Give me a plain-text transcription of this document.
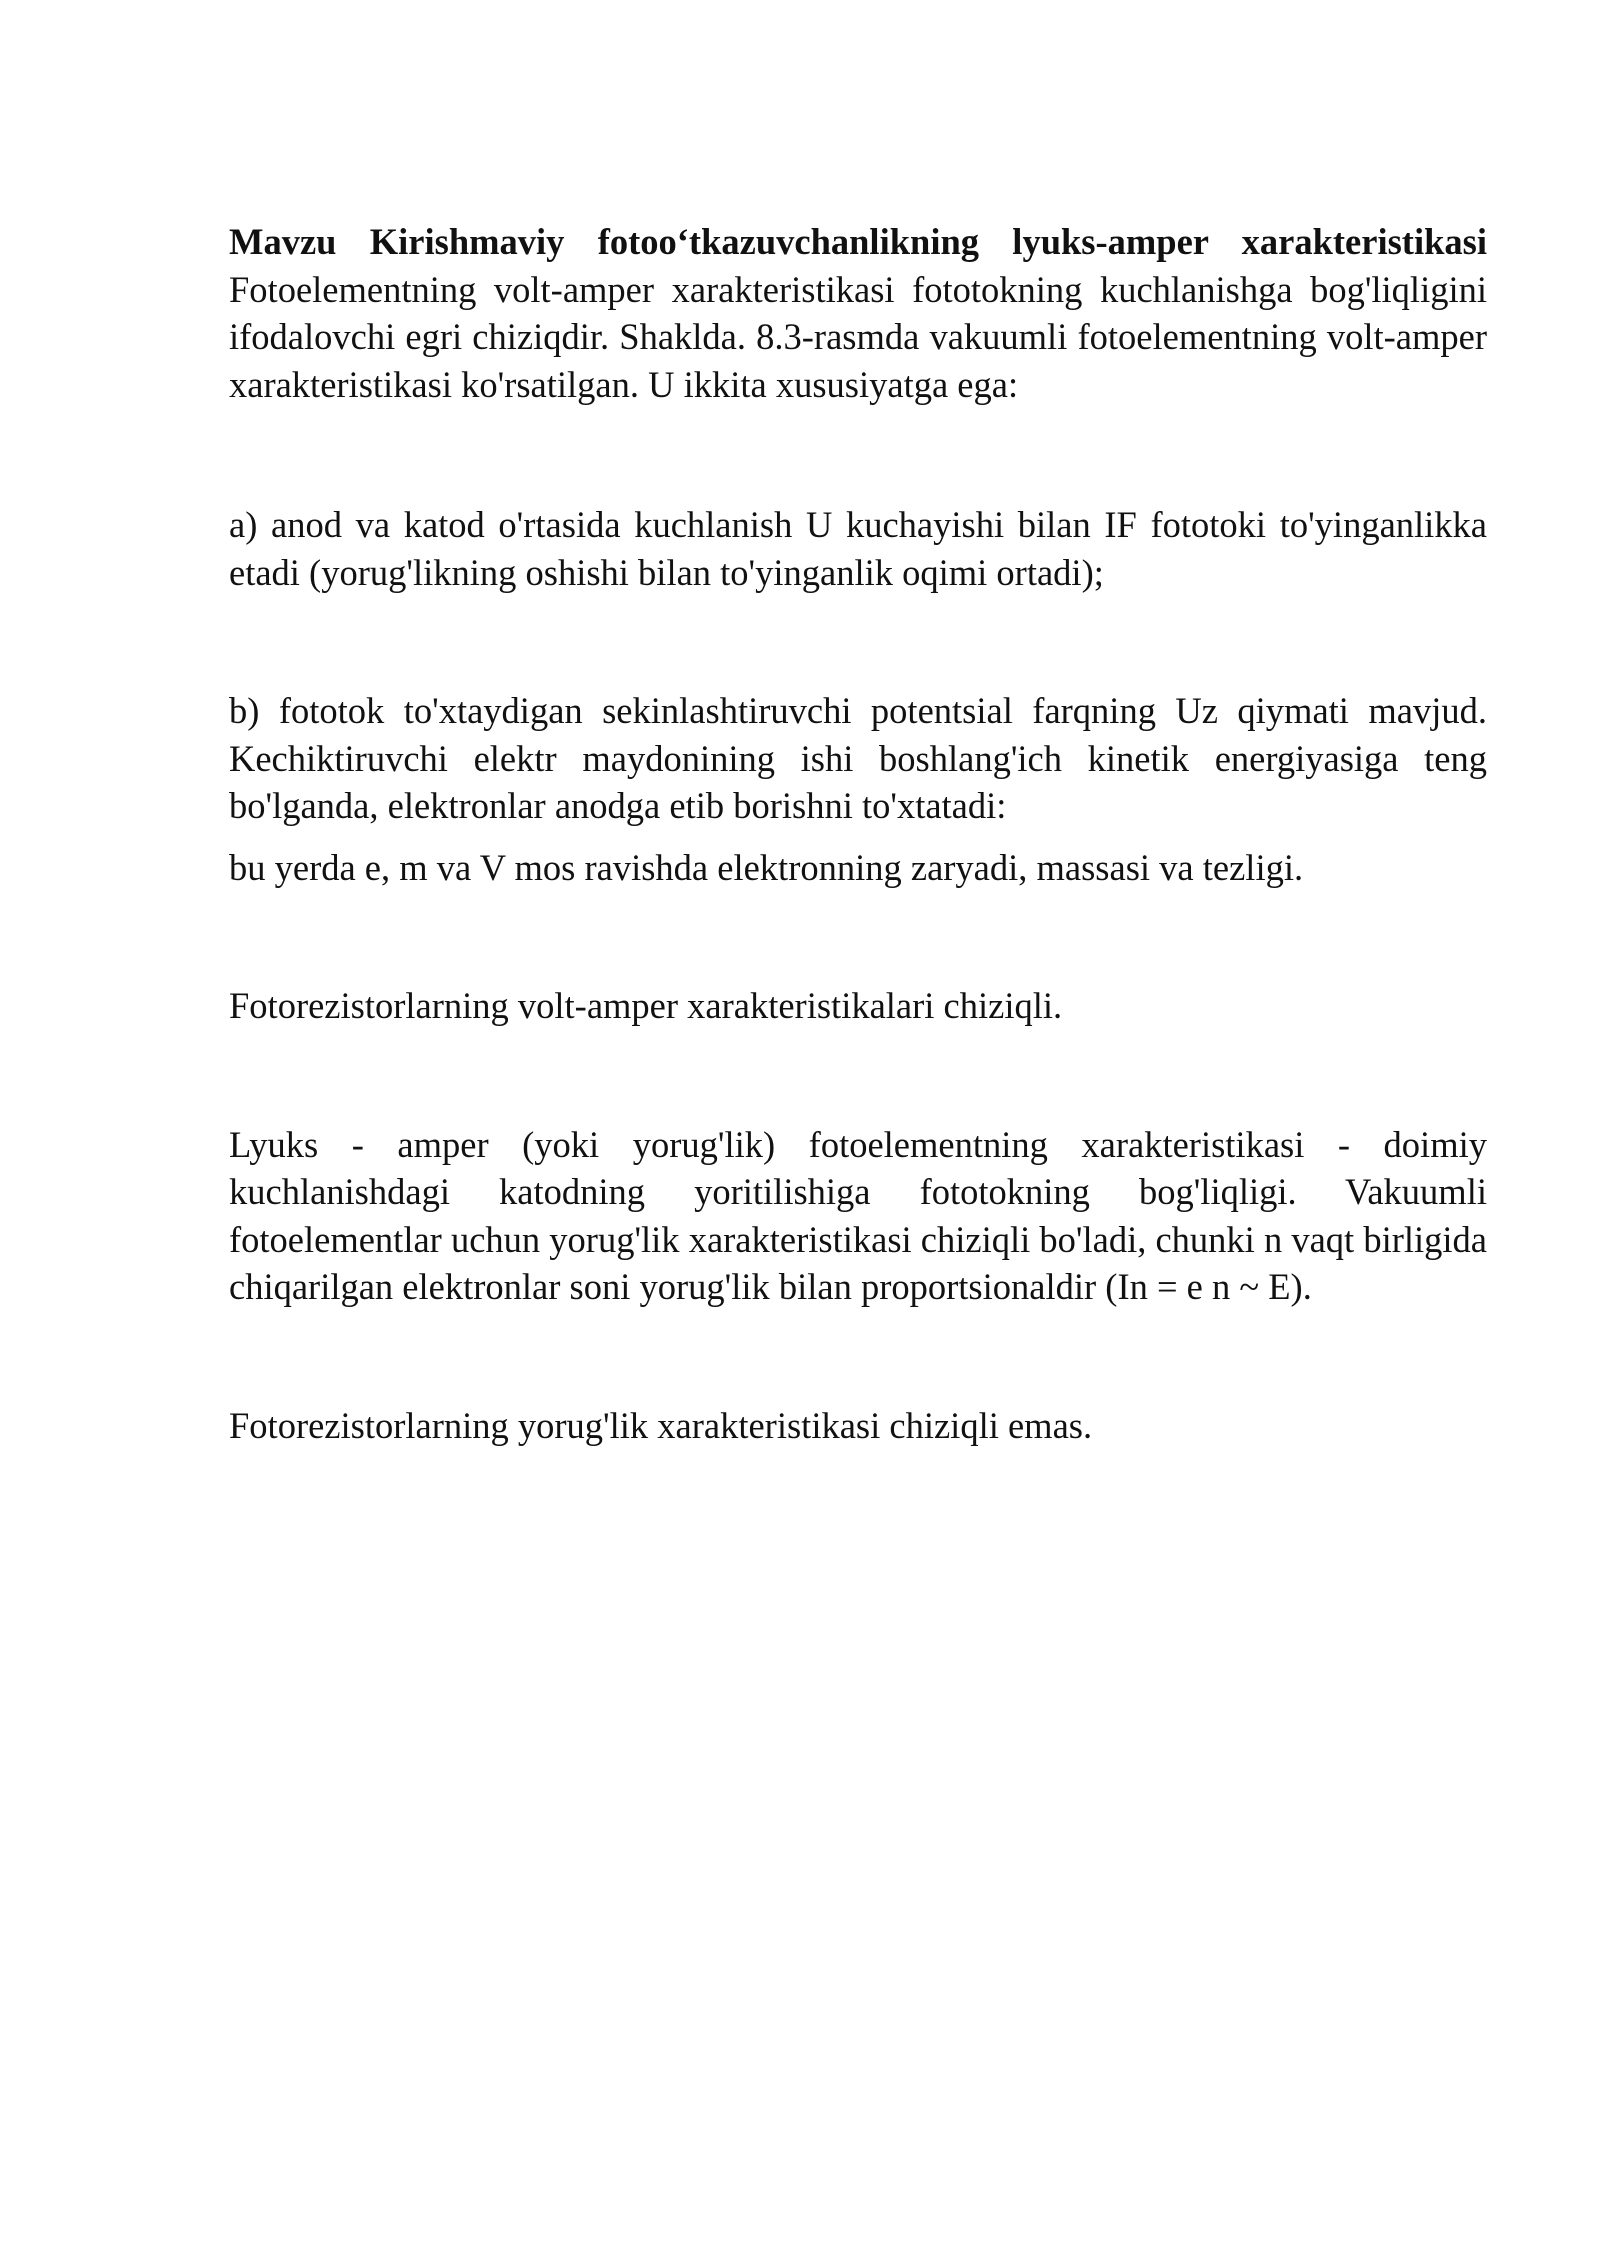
Mavzu Kirishmaviy fotoo‘tkazuvchanlikning lyuks-amper xarakteristikasi Fotoelementning volt-amper xarakteristikasi fototokning kuchlanishga bog'liqligini ifodalovchi egri chiziqdir. Shaklda. 8.3-rasmda vakuumli fotoelementning volt-amper xarakteristikasi ko'rsatilgan. U ikkita xususiyatga ega:

a) anod va katod o'rtasida kuchlanish U kuchayishi bilan IF fototoki to'yinganlikka etadi (yorug'likning oshishi bilan to'yinganlik oqimi ortadi);

b) fototok to'xtaydigan sekinlashtiruvchi potentsial farqning Uz qiymati mavjud. Kechiktiruvchi elektr maydonining ishi boshlang'ich kinetik energiyasiga teng bo'lganda, elektronlar anodga etib borishni to'xtatadi:

bu yerda e, m va V mos ravishda elektronning zaryadi, massasi va tezligi.

Fotorezistorlarning volt-amper xarakteristikalari chiziqli.

Lyuks - amper (yoki yorug'lik) fotoelementning xarakteristikasi - doimiy kuchlanishdagi katodning yoritilishiga fototokning bog'liqligi. Vakuumli fotoelementlar uchun yorug'lik xarakteristikasi chiziqli bo'ladi, chunki n vaqt birligida chiqarilgan elektronlar soni yorug'lik bilan proportsionaldir (In = e n ~ E).

Fotorezistorlarning yorug'lik xarakteristikasi chiziqli emas.
